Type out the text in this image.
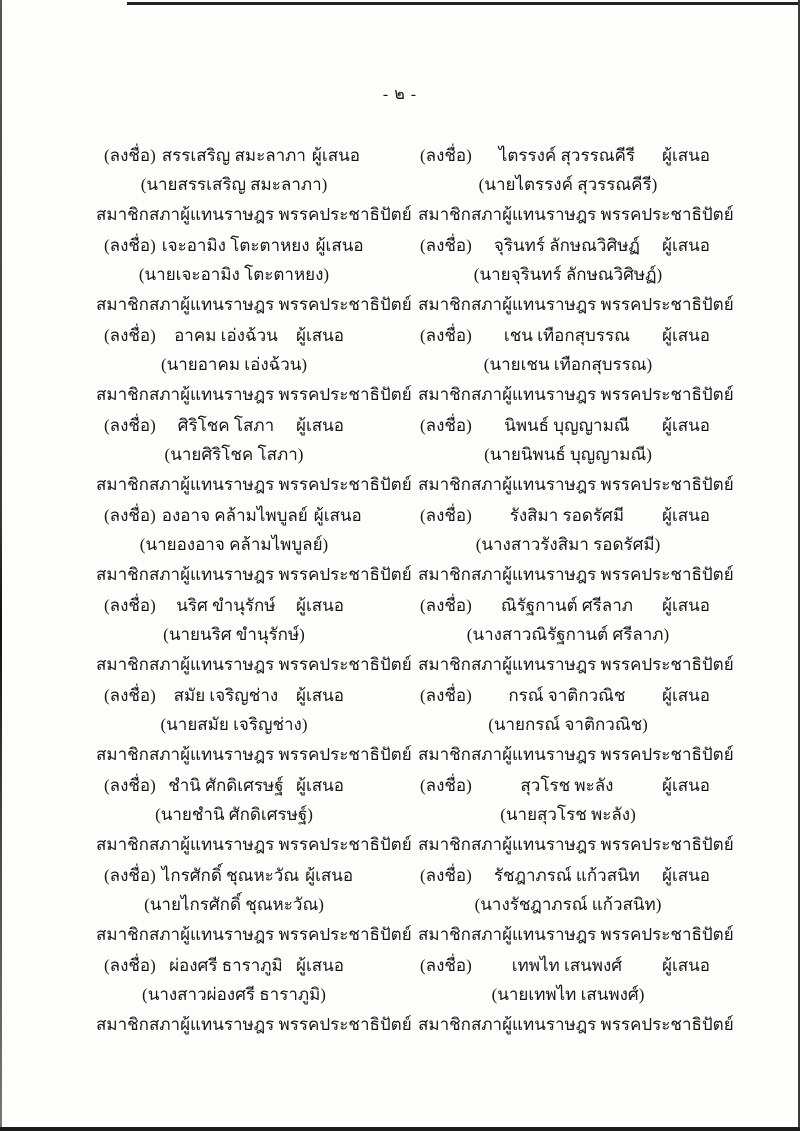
- ๒ -
(ลงชื่อ) สรรเสริญ สมะลาภา ผู้เสนอ
(นายสรรเสริญ สมะลาภา)
สมาชิกสภาผู้แทนราษฎร พรรคประชาธิปัตย์
(ลงชื่อ)	ไตรรงค์ สุวรรณคีรี	ผู้เสนอ
(นายไตรรงค์ สุวรรณคีรี)
สมาชิกสภาผู้แทนราษฎร พรรคประชาธิปัตย์
(ลงชื่อ) เจะอามิง โตะตาหยง ผู้เสนอ
(นายเจะอามิง โตะตาหยง)
สมาชิกสภาผู้แทนราษฎร พรรคประชาธิปัตย์
(ลงชื่อ)	จุรินทร์ ลักษณวิศิษฏ์	ผู้เสนอ
(นายจุรินทร์ ลักษณวิศิษฏ์)
สมาชิกสภาผู้แทนราษฎร พรรคประชาธิปัตย์
(ลงชื่อ)	อาคม เอ่งฉ้วน	ผู้เสนอ
(นายอาคม เอ่งฉ้วน)
สมาชิกสภาผู้แทนราษฎร พรรคประชาธิปัตย์
(ลงชื่อ)	เชน เทือกสุบรรณ	ผู้เสนอ
(นายเชน เทือกสุบรรณ)
สมาชิกสภาผู้แทนราษฎร พรรคประชาธิปัตย์
(ลงชื่อ)	ศิริโชค โสภา	ผู้เสนอ
(นายศิริโชค โสภา)
สมาชิกสภาผู้แทนราษฎร พรรคประชาธิปัตย์
(ลงชื่อ)	นิพนธ์ บุญญามณี	ผู้เสนอ
(นายนิพนธ์ บุญญามณี)
สมาชิกสภาผู้แทนราษฎร พรรคประชาธิปัตย์
(ลงชื่อ) องอาจ คล้ามไพบูลย์ ผู้เสนอ
(นายองอาจ คล้ามไพบูลย์)
สมาชิกสภาผู้แทนราษฎร พรรคประชาธิปัตย์
(ลงชื่อ)	รังสิมา รอดรัศมี	ผู้เสนอ
(นางสาวรังสิมา รอดรัศมี)
สมาชิกสภาผู้แทนราษฎร พรรคประชาธิปัตย์
(ลงชื่อ)	นริศ ขำนุรักษ์	ผู้เสนอ
(นายนริศ ขำนุรักษ์)
สมาชิกสภาผู้แทนราษฎร พรรคประชาธิปัตย์
(ลงชื่อ)	ณิรัฐกานต์ ศรีลาภ	ผู้เสนอ
(นางสาวณิรัฐกานต์ ศรีลาภ)
สมาชิกสภาผู้แทนราษฎร พรรคประชาธิปัตย์
(ลงชื่อ)	สมัย เจริญช่าง	ผู้เสนอ
(นายสมัย เจริญช่าง)
สมาชิกสภาผู้แทนราษฎร พรรคประชาธิปัตย์
(ลงชื่อ)	กรณ์ จาติกวณิช	ผู้เสนอ
(นายกรณ์ จาติกวณิช)
สมาชิกสภาผู้แทนราษฎร พรรคประชาธิปัตย์
(ลงชื่อ) ชำนิ ศักดิเศรษฐ์ ผู้เสนอ
(นายชำนิ ศักดิเศรษฐ์)
สมาชิกสภาผู้แทนราษฎร พรรคประชาธิปัตย์
(ลงชื่อ)	สุวโรช พะลัง	ผู้เสนอ
(นายสุวโรช พะลัง)
สมาชิกสภาผู้แทนราษฎร พรรคประชาธิปัตย์
(ลงชื่อ) ไกรศักดิ์ ชุณหะวัณ ผู้เสนอ
(นายไกรศักดิ์ ชุณหะวัณ)
สมาชิกสภาผู้แทนราษฎร พรรคประชาธิปัตย์
(ลงชื่อ)	รัชฎาภรณ์ แก้วสนิท	ผู้เสนอ
(นางรัชฎาภรณ์ แก้วสนิท)
สมาชิกสภาผู้แทนราษฎร พรรคประชาธิปัตย์
(ลงชื่อ) ผ่องศรี ธาราภูมิ ผู้เสนอ
(นางสาวผ่องศรี ธาราภูมิ)
สมาชิกสภาผู้แทนราษฎร พรรคประชาธิปัตย์
(ลงชื่อ)	เทพไท เสนพงศ์	ผู้เสนอ
(นายเทพไท เสนพงศ์)
สมาชิกสภาผู้แทนราษฎร พรรคประชาธิปัตย์
